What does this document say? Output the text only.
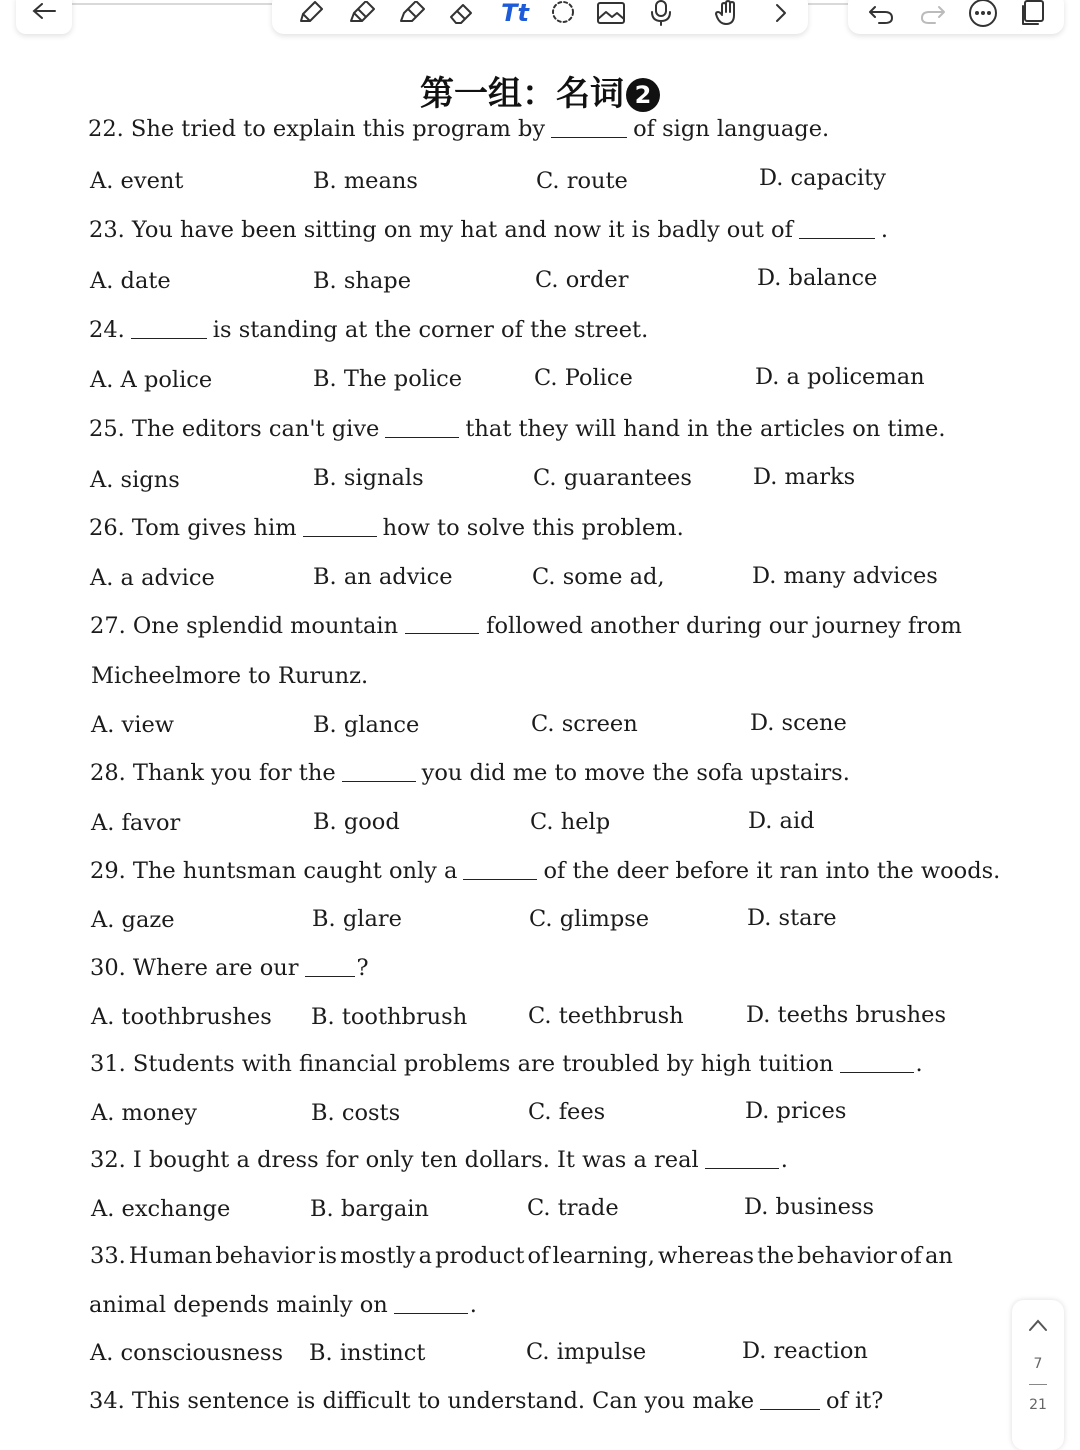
Tt
第一组：名词 2
22. She tried to explain this program by	of sign language.
A. event	B. means	C. route	D. capacity
23. You have been sitting on my hat and now it is badly out of	.
A. date	B. shape	C. order	D. balance
24.	is standing at the corner of the street.
A. A police	B. The police	C. Police	D. a policeman
25. The editors can't give	that they will hand in the articles on time.
A. signs	B. signals	C. guarantees	D. marks
26. Tom gives him	how to solve this problem.
A. a advice	B. an advice	C. some ad,	D. many advices
27. One splendid mountain	followed another during our journey from
Micheelmore to Rurunz.
A. view	B. glance	C. screen	D. scene
28. Thank you for the	you did me to move the sofa upstairs.
A. favor	B. good	C. help	D. aid
29. The huntsman caught only a	of the deer before it ran into the woods.
A. gaze	B. glare	C. glimpse	D. stare
30. Where are our	?
A. toothbrushes B. toothbrush	C. teethbrush	D. teeths brushes
31. Students with financial problems are troubled by high tuition	.
A. money	B. costs	C. fees	D. prices
32. I bought a dress for only ten dollars. It was a real	.
A. exchange	B. bargain	C. trade	D. business
33. Human behavior is mostly a product of learning, whereas the behavior of an
animal depends mainly on	.
A. consciousness B. instinct	C. impulse	D. reaction
34. This sentence is difficult to understand. Can you make	of it?
7
21
